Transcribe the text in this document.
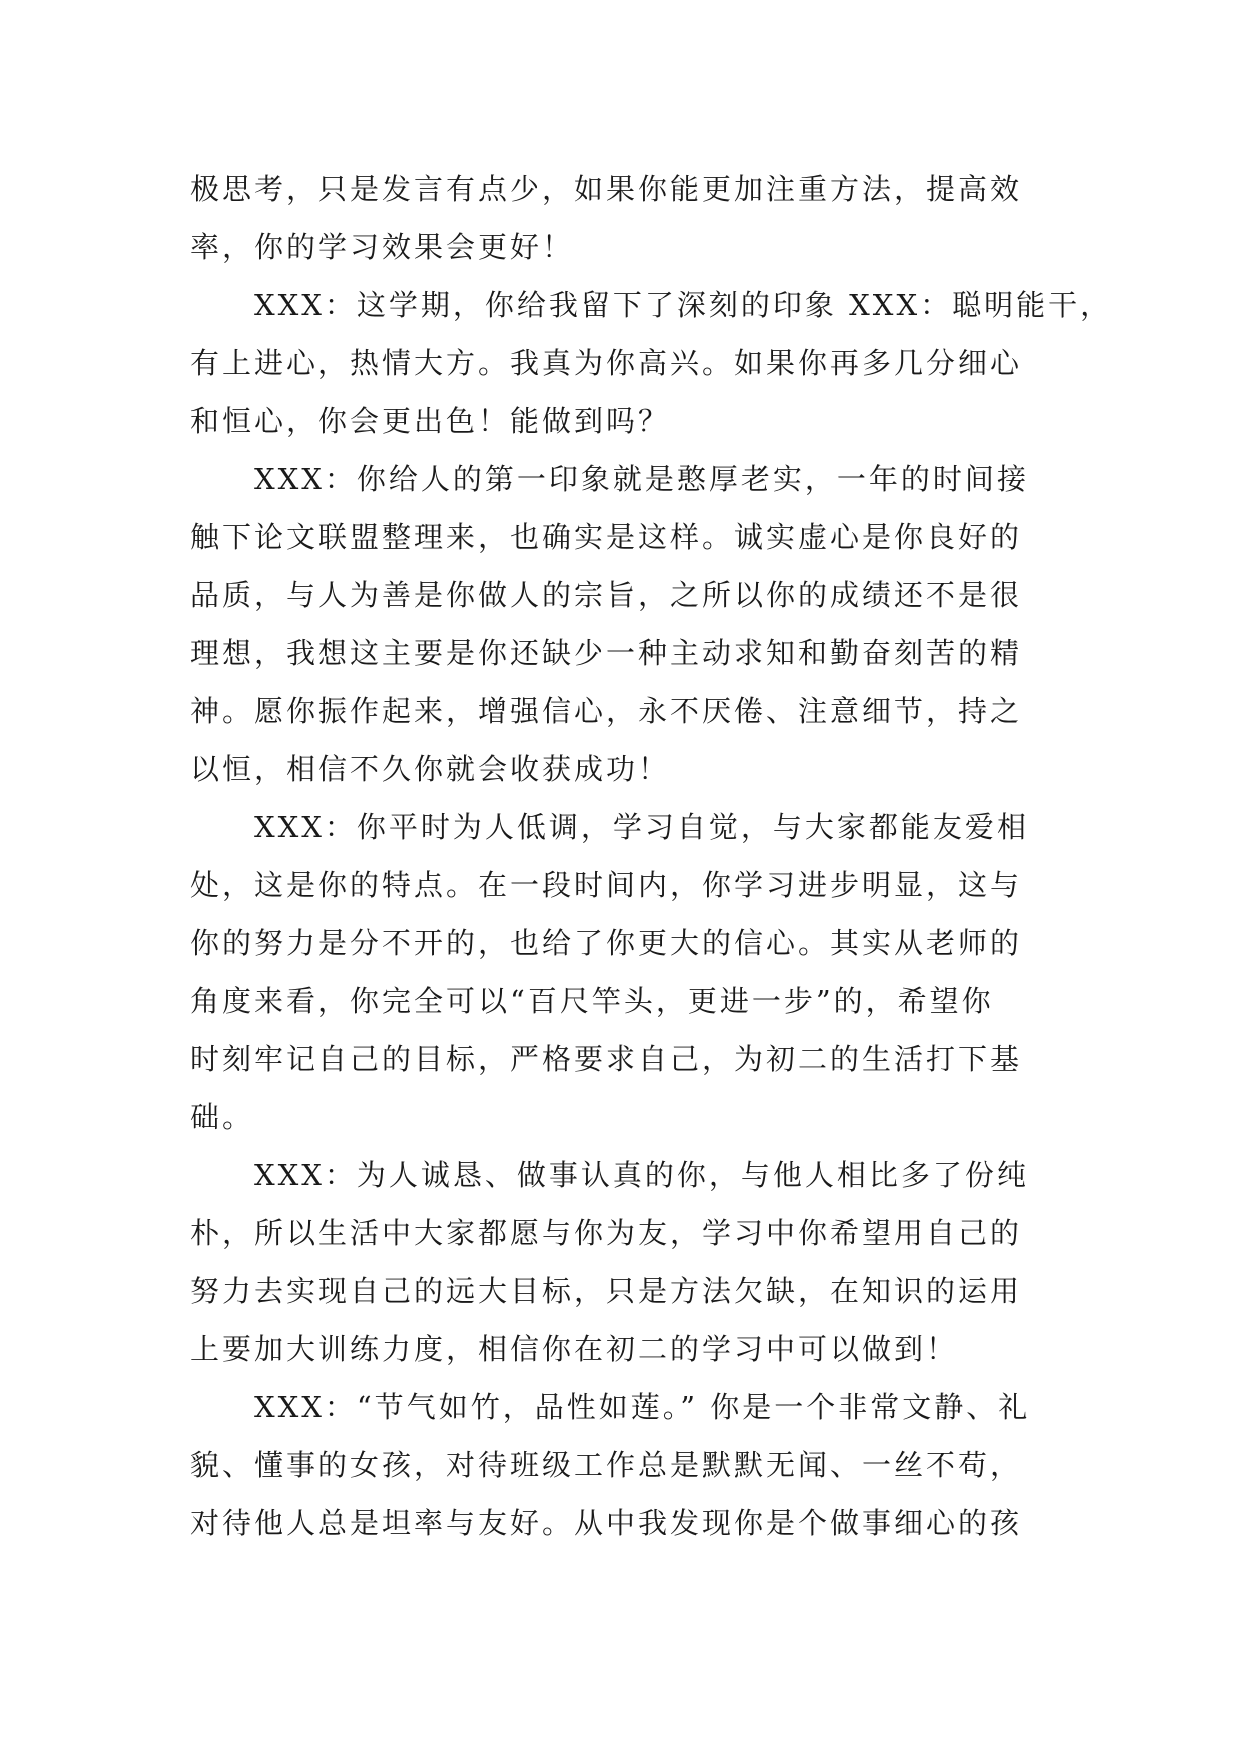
极思考，只是发言有点少，如果你能更加注重方法，提高效
率，你的学习效果会更好！
XXX：这学期，你给我留下了深刻的印象 XXX：聪明能干，
有上进心，热情大方。我真为你高兴。如果你再多几分细心
和恒心，你会更出色！能做到吗？
XXX：你给人的第一印象就是憨厚老实，一年的时间接
触下论文联盟整理来，也确实是这样。诚实虚心是你良好的
品质，与人为善是你做人的宗旨，之所以你的成绩还不是很
理想，我想这主要是你还缺少一种主动求知和勤奋刻苦的精
神。愿你振作起来，增强信心，永不厌倦、注意细节，持之
以恒，相信不久你就会收获成功！
XXX：你平时为人低调，学习自觉，与大家都能友爱相
处，这是你的特点。在一段时间内，你学习进步明显，这与
你的努力是分不开的，也给了你更大的信心。其实从老师的
角度来看，你完全可以“百尺竿头，更进一步”的，希望你
时刻牢记自己的目标，严格要求自己，为初二的生活打下基
础。
XXX：为人诚恳、做事认真的你，与他人相比多了份纯
朴，所以生活中大家都愿与你为友，学习中你希望用自己的
努力去实现自己的远大目标，只是方法欠缺，在知识的运用
上要加大训练力度，相信你在初二的学习中可以做到！
XXX：“节气如竹，品性如莲。” 你是一个非常文静、礼
貌、懂事的女孩，对待班级工作总是默默无闻、一丝不苟，
对待他人总是坦率与友好。从中我发现你是个做事细心的孩
